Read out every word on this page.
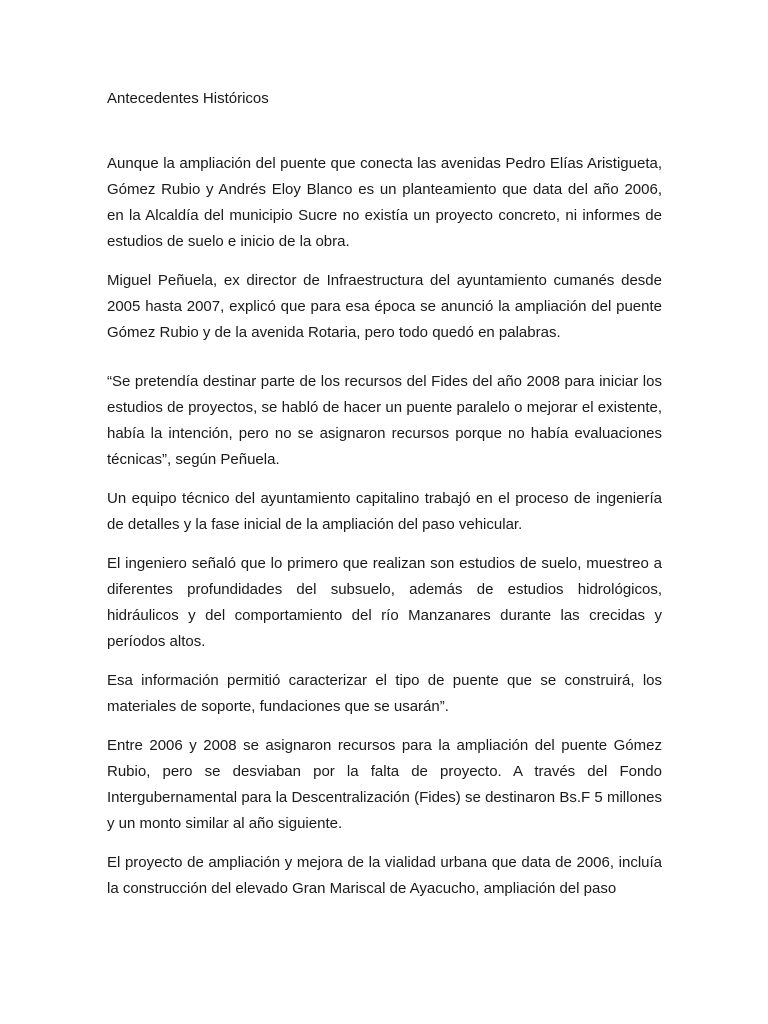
Antecedentes Históricos

Aunque la ampliación del puente que conecta las avenidas Pedro Elías Aristigueta, Gómez Rubio y Andrés Eloy Blanco es un planteamiento que data del año 2006, en la Alcaldía del municipio Sucre no existía un proyecto concreto, ni informes de estudios de suelo e inicio de la obra.

Miguel Peñuela, ex director de Infraestructura del ayuntamiento cumanés desde 2005 hasta 2007, explicó que para esa época se anunció la ampliación del puente Gómez Rubio y de la avenida Rotaria, pero todo quedó en palabras.

“Se pretendía destinar parte de los recursos del Fides del año 2008 para iniciar los estudios de proyectos, se habló de hacer un puente paralelo o mejorar el existente, había la intención, pero no se asignaron recursos porque no había evaluaciones técnicas”, según Peñuela.

Un equipo técnico del ayuntamiento capitalino trabajó en el proceso de ingeniería de detalles y la fase inicial de la ampliación del paso vehicular.

El ingeniero señaló que lo primero que realizan son estudios de suelo, muestreo a diferentes profundidades del subsuelo, además de estudios hidrológicos, hidráulicos y del comportamiento del río Manzanares durante las crecidas y períodos altos.

Esa información permitió caracterizar el tipo de puente que se construirá, los materiales de soporte, fundaciones que se usarán”.

Entre 2006 y 2008 se asignaron recursos para la ampliación del puente Gómez Rubio, pero se desviaban por la falta de proyecto. A través del Fondo Intergubernamental para la Descentralización (Fides) se destinaron Bs.F 5 millones y un monto similar al año siguiente.

El proyecto de ampliación y mejora de la vialidad urbana que data de 2006, incluía la construcción del elevado Gran Mariscal de Ayacucho, ampliación del paso
